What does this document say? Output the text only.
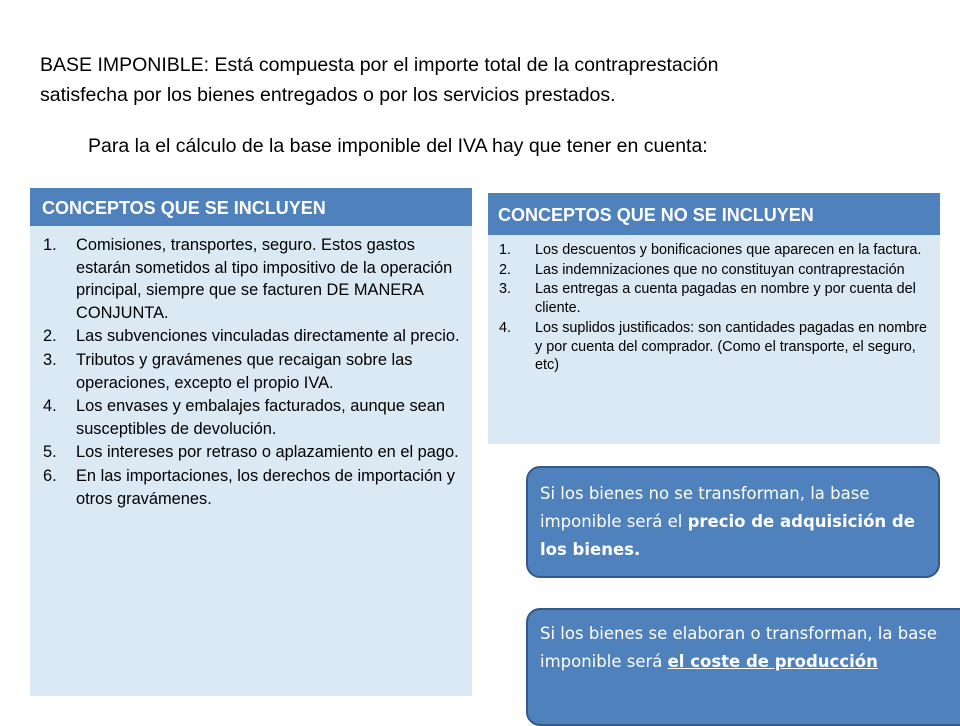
BASE IMPONIBLE: Está compuesta por el importe total de la contraprestación
satisfecha por los bienes entregados o por los servicios prestados.

Para la el cálculo de la base imponible del IVA hay que tener en cuenta:

CONCEPTOS QUE SE INCLUYEN
1. Comisiones, transportes, seguro. Estos gastos estarán sometidos al tipo impositivo de la operación principal, siempre que se facturen DE MANERA CONJUNTA.
2. Las subvenciones vinculadas directamente al precio.
3. Tributos y gravámenes que recaigan sobre las operaciones, excepto el propio IVA.
4. Los envases y embalajes facturados, aunque sean susceptibles de devolución.
5. Los intereses por retraso o aplazamiento en el pago.
6. En las importaciones, los derechos de importación y otros gravámenes.
CONCEPTOS QUE NO SE INCLUYEN
1. Los descuentos y bonificaciones que aparecen en la factura.
2. Las indemnizaciones que no constituyan contraprestación
3. Las entregas a cuenta pagadas en nombre y por cuenta del cliente.
4. Los suplidos justificados: son cantidades pagadas en nombre y por cuenta del comprador. (Como el transporte, el seguro, etc)
Si los bienes no se transforman, la base imponible será el precio de adquisición de los bienes.
Si los bienes se elaboran o transforman, la base imponible será el coste de producción
